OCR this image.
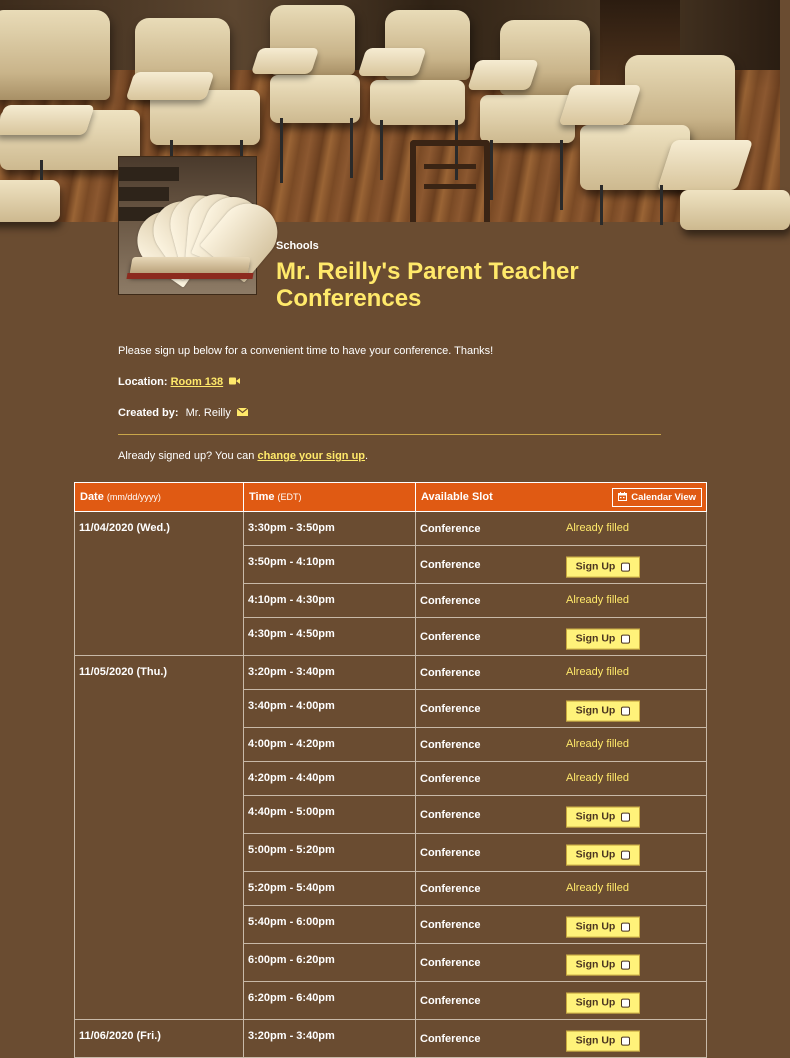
Schools
Mr. Reilly's Parent Teacher Conferences
Please sign up below for a convenient time to have your conference. Thanks!
Location: Room 138
Created by: Mr. Reilly
Already signed up? You can change your sign up.
Date (mm/dd/yyyy)	Time (EDT)	Available Slot Calendar View

11/04/2020 (Wed.)	3:30pm - 3:50pm	Conference Already filled

	3:50pm - 4:10pm	Conference Sign Up

	4:10pm - 4:30pm	Conference Already filled

	4:30pm - 4:50pm	Conference Sign Up

11/05/2020 (Thu.)	3:20pm - 3:40pm	Conference Already filled

	3:40pm - 4:00pm	Conference Sign Up

	4:00pm - 4:20pm	Conference Already filled

	4:20pm - 4:40pm	Conference Already filled

	4:40pm - 5:00pm	Conference Sign Up

	5:00pm - 5:20pm	Conference Sign Up

	5:20pm - 5:40pm	Conference Already filled

	5:40pm - 6:00pm	Conference Sign Up

	6:00pm - 6:20pm	Conference Sign Up

	6:20pm - 6:40pm	Conference Sign Up

11/06/2020 (Fri.)	3:20pm - 3:40pm	Conference Sign Up
